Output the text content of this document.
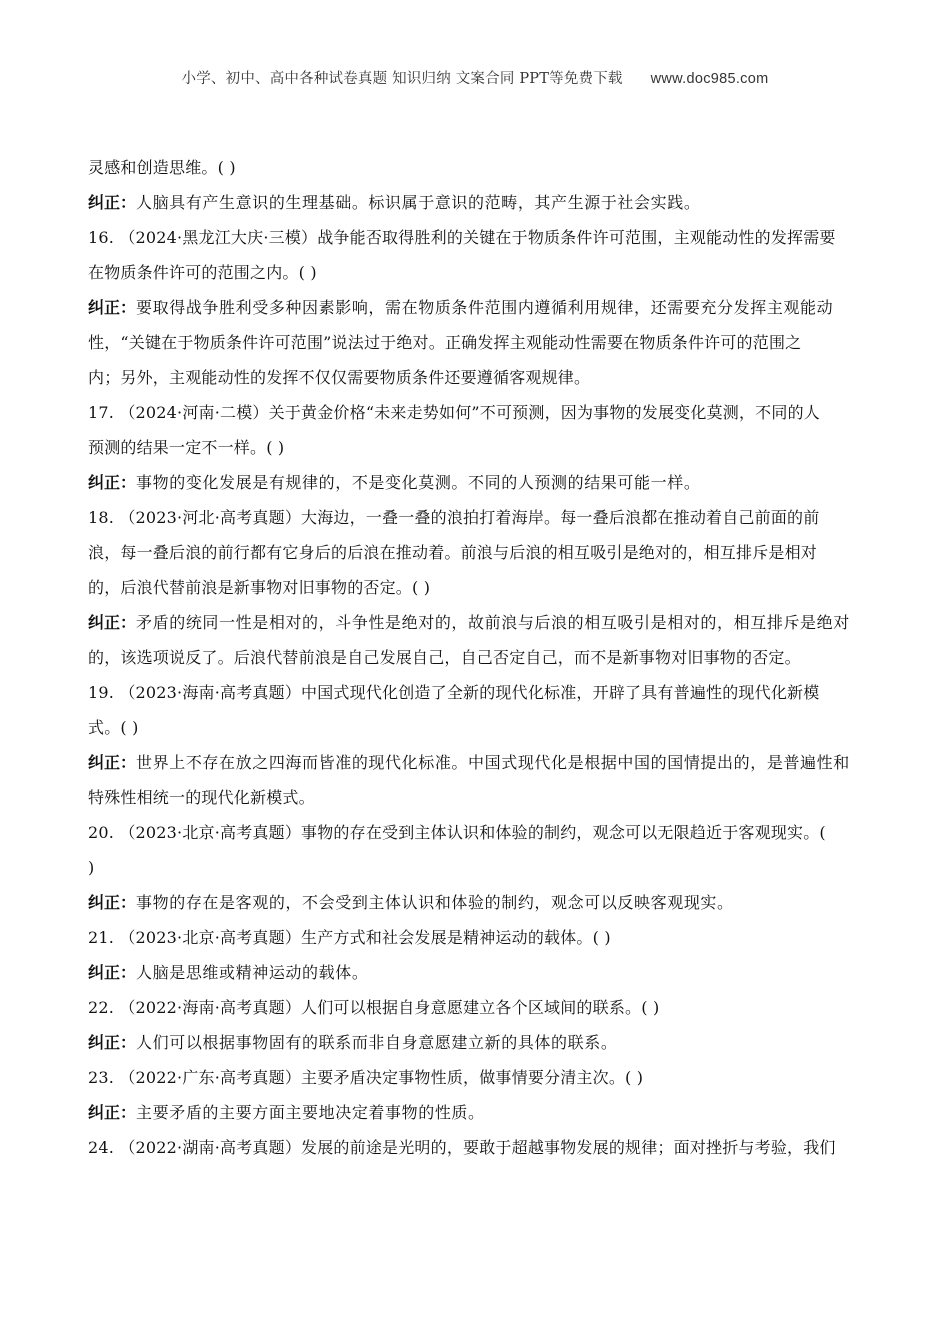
小学、初中、高中各种试卷真题 知识归纳 文案合同 PPT等免费下载 www.doc985.com
灵感和创造思维。( )
纠正：人脑具有产生意识的生理基础。标识属于意识的范畴，其产生源于社会实践。
16. （2024·黑龙江大庆·三模）战争能否取得胜利的关键在于物质条件许可范围，主观能动性的发挥需要
在物质条件许可的范围之内。( )
纠正：要取得战争胜利受多种因素影响，需在物质条件范围内遵循利用规律，还需要充分发挥主观能动
性，“关键在于物质条件许可范围”说法过于绝对。正确发挥主观能动性需要在物质条件许可的范围之
内；另外，主观能动性的发挥不仅仅需要物质条件还要遵循客观规律。
17. （2024·河南·二模）关于黄金价格“未来走势如何”不可预测，因为事物的发展变化莫测，不同的人
预测的结果一定不一样。( )
纠正：事物的变化发展是有规律的，不是变化莫测。不同的人预测的结果可能一样。
18. （2023·河北·高考真题）大海边，一叠一叠的浪拍打着海岸。每一叠后浪都在推动着自己前面的前
浪，每一叠后浪的前行都有它身后的后浪在推动着。前浪与后浪的相互吸引是绝对的，相互排斥是相对
的，后浪代替前浪是新事物对旧事物的否定。( )
纠正：矛盾的统同一性是相对的，斗争性是绝对的，故前浪与后浪的相互吸引是相对的，相互排斥是绝对
的，该选项说反了。后浪代替前浪是自己发展自己，自己否定自己，而不是新事物对旧事物的否定。
19. （2023·海南·高考真题）中国式现代化创造了全新的现代化标准，开辟了具有普遍性的现代化新模
式。( )
纠正：世界上不存在放之四海而皆准的现代化标准。中国式现代化是根据中国的国情提出的，是普遍性和
特殊性相统一的现代化新模式。
20. （2023·北京·高考真题）事物的存在受到主体认识和体验的制约，观念可以无限趋近于客观现实。(
)
纠正：事物的存在是客观的，不会受到主体认识和体验的制约，观念可以反映客观现实。
21. （2023·北京·高考真题）生产方式和社会发展是精神运动的载体。( )
纠正：人脑是思维或精神运动的载体。
22. （2022·海南·高考真题）人们可以根据自身意愿建立各个区域间的联系。( )
纠正：人们可以根据事物固有的联系而非自身意愿建立新的具体的联系。
23. （2022·广东·高考真题）主要矛盾决定事物性质，做事情要分清主次。( )
纠正：主要矛盾的主要方面主要地决定着事物的性质。
24. （2022·湖南·高考真题）发展的前途是光明的，要敢于超越事物发展的规律；面对挫折与考验，我们
